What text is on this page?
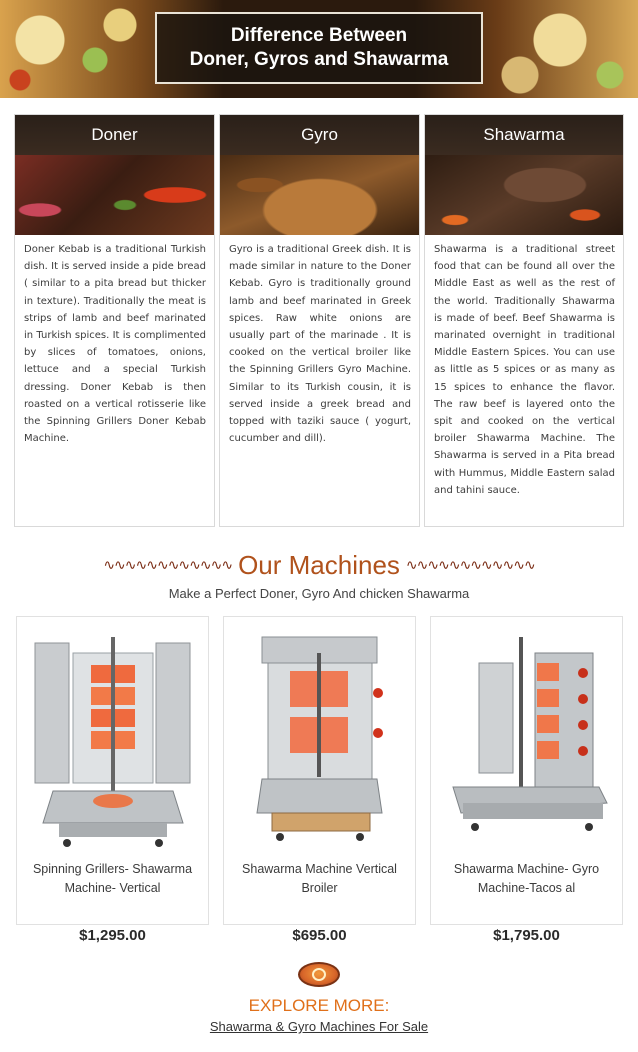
Difference Between
Doner, Gyros and Shawarma
Doner
Doner Kebab is a traditional Turkish dish. It is served inside a pide bread ( similar to a pita bread but thicker in texture). Traditionally the meat is strips of lamb and beef marinated in Turkish spices. It is complimented by slices of tomatoes, onions, lettuce and a special Turkish dressing. Doner Kebab is then roasted on a vertical rotisserie like the Spinning Grillers Doner Kebab Machine.
Gyro
Gyro is a traditional Greek dish. It is made similar in nature to the Doner Kebab. Gyro is traditionally ground lamb and beef marinated in Greek spices. Raw white onions are usually part of the marinade . It is cooked on the vertical broiler like the Spinning Grillers Gyro Machine. Similar to its Turkish cousin, it is served inside a greek bread and topped with taziki sauce ( yogurt, cucumber and dill).
Shawarma
Shawarma is a traditional street food that can be found all over the Middle East as well as the rest of the world. Traditionally Shawarma is made of beef. Beef Shawarma is marinated overnight in traditional Middle Eastern Spices. You can use as little as 5 spices or as many as 15 spices to enhance the flavor. The raw beef is layered onto the spit and cooked on the vertical broiler Shawarma Machine. The Shawarma is served in a Pita bread with Hummus, Middle Eastern salad and tahini sauce.
∿∿∿∿∿∿∿∿∿∿∿∿ Our Machines ∿∿∿∿∿∿∿∿∿∿∿∿
Make a Perfect Doner, Gyro And chicken Shawarma
Spinning Grillers- Shawarma Machine- Vertical
$1,295.00
Shawarma Machine Vertical Broiler
$695.00
Shawarma Machine- Gyro Machine-Tacos al
$1,795.00
EXPLORE MORE:
Shawarma & Gyro Machines For Sale
